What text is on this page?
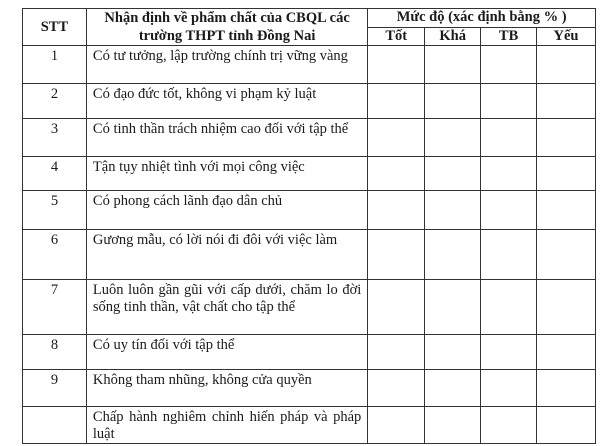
STT	Nhận định về phẩm chất của CBQL các trường THPT tỉnh Đồng Nai	Mức độ (xác định bằng % )			
		Tốt	Khá	TB	Yếu
1	Có tư tưởng, lập trường chính trị vững vàng				
2	Có đạo đức tốt, không vi phạm kỷ luật				
3	Có tinh thần trách nhiệm cao đối với tập thể				
4	Tận tụy nhiệt tình với mọi công việc				
5	Có phong cách lãnh đạo dân chủ				
6	Gương mẫu, có lời nói đi đôi với việc làm				
7	Luôn luôn gần gũi với cấp dưới, chăm lo đời sống tinh thần, vật chất cho tập thể				
8	Có uy tín đối với tập thể				
9	Không tham nhũng, không cửa quyền				
	Chấp hành nghiêm chỉnh hiến pháp và pháp luật				
